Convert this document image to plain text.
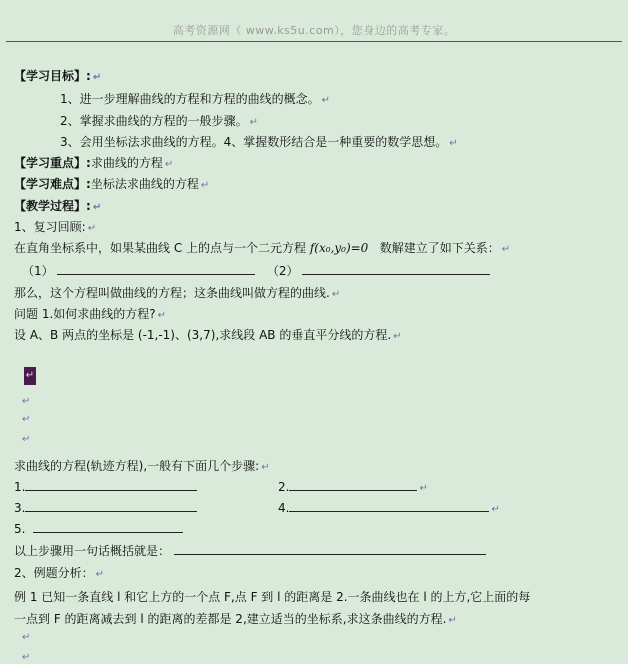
高考资源网（ www.ks5u.com），您身边的高考专家。
【学习目标】: ↵
1、进一步理解曲线的方程和方程的曲线的概念。 ↵
2、掌握求曲线的方程的一般步骤。 ↵
3、会用坐标法求曲线的方程。4、掌握数形结合是一种重要的数学思想。 ↵
【学习重点】:求曲线的方程 ↵
【学习难点】:坐标法求曲线的方程 ↵
【教学过程】: ↵
1、复习回顾: ↵
在直角坐标系中，如果某曲线 C 上的点与一个二元方程 f(x₀,y₀)=0 数解建立了如下关系： ↵
（1）	（2）
那么，这个方程叫做曲线的方程；这条曲线叫做方程的曲线. ↵
问题 1.如何求曲线的方程? ↵
设 A、B 两点的坐标是 (-1,-1)、(3,7),求线段 AB 的垂直平分线的方程. ↵
↵
↵
↵
↵
求曲线的方程(轨迹方程),一般有下面几个步骤: ↵
1.	2.	↵
3.	4.	↵
5.
以上步骤用一句话概括就是：
2、例题分析： ↵
例 1 已知一条直线 l 和它上方的一个点 F,点 F 到 l 的距离是 2.一条曲线也在 l 的上方,它上面的每
一点到 F 的距离减去到 l 的距离的差都是 2,建立适当的坐标系,求这条曲线的方程. ↵
↵
↵
